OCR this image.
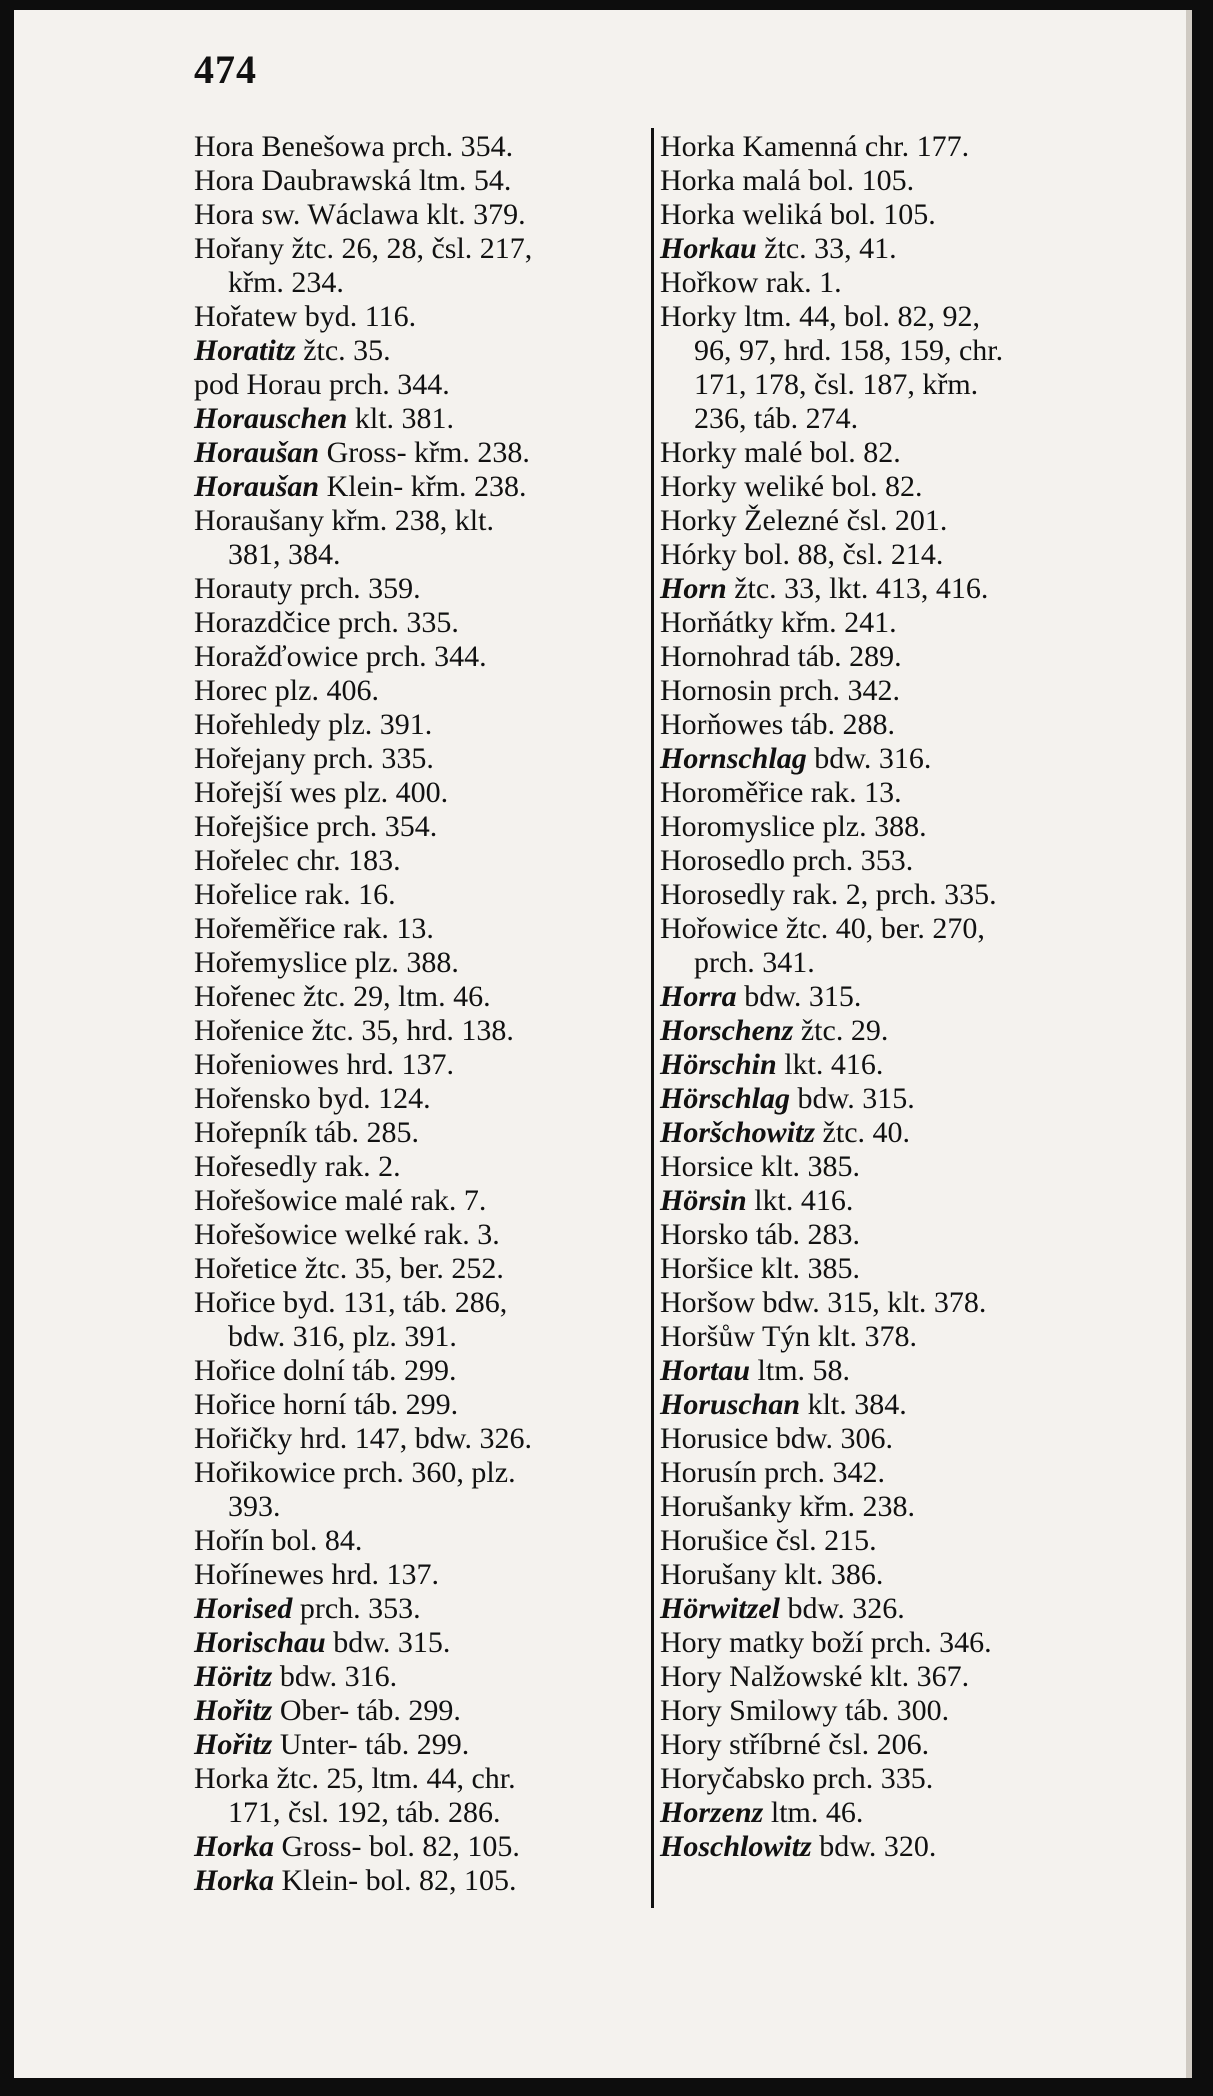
474
Hora Benešowa prch. 354.
Hora Daubrawská ltm. 54.
Hora sw. Wáclawa klt. 379.
Hořany žtc. 26, 28, čsl. 217,
křm. 234.
Hořatew byd. 116.
Horatitz žtc. 35.
pod Horau prch. 344.
Horauschen klt. 381.
Horaušan Gross- křm. 238.
Horaušan Klein- křm. 238.
Horaušany křm. 238, klt.
381, 384.
Horauty prch. 359.
Horazdčice prch. 335.
Horažďowice prch. 344.
Horec plz. 406.
Hořehledy plz. 391.
Hořejany prch. 335.
Hořejší wes plz. 400.
Hořejšice prch. 354.
Hořelec chr. 183.
Hořelice rak. 16.
Hořeměřice rak. 13.
Hořemyslice plz. 388.
Hořenec žtc. 29, ltm. 46.
Hořenice žtc. 35, hrd. 138.
Hořeniowes hrd. 137.
Hořensko byd. 124.
Hořepník táb. 285.
Hořesedly rak. 2.
Hořešowice malé rak. 7.
Hořešowice welké rak. 3.
Hořetice žtc. 35, ber. 252.
Hořice byd. 131, táb. 286,
bdw. 316, plz. 391.
Hořice dolní táb. 299.
Hořice horní táb. 299.
Hořičky hrd. 147, bdw. 326.
Hořikowice prch. 360, plz.
393.
Hořín bol. 84.
Hořínewes hrd. 137.
Horised prch. 353.
Horischau bdw. 315.
Höritz bdw. 316.
Hořitz Ober- táb. 299.
Hořitz Unter- táb. 299.
Horka žtc. 25, ltm. 44, chr.
171, čsl. 192, táb. 286.
Horka Gross- bol. 82, 105.
Horka Klein- bol. 82, 105.
Horka Kamenná chr. 177.
Horka malá bol. 105.
Horka weliká bol. 105.
Horkau žtc. 33, 41.
Hořkow rak. 1.
Horky ltm. 44, bol. 82, 92,
96, 97, hrd. 158, 159, chr.
171, 178, čsl. 187, křm.
236, táb. 274.
Horky malé bol. 82.
Horky weliké bol. 82.
Horky Železné čsl. 201.
Hórky bol. 88, čsl. 214.
Horn žtc. 33, lkt. 413, 416.
Horňátky křm. 241.
Hornohrad táb. 289.
Hornosin prch. 342.
Horňowes táb. 288.
Hornschlag bdw. 316.
Horoměřice rak. 13.
Horomyslice plz. 388.
Horosedlo prch. 353.
Horosedly rak. 2, prch. 335.
Hořowice žtc. 40, ber. 270,
prch. 341.
Horra bdw. 315.
Horschenz žtc. 29.
Hörschin lkt. 416.
Hörschlag bdw. 315.
Horšchowitz žtc. 40.
Horsice klt. 385.
Hörsin lkt. 416.
Horsko táb. 283.
Horšice klt. 385.
Horšow bdw. 315, klt. 378.
Horšůw Týn klt. 378.
Hortau ltm. 58.
Horuschan klt. 384.
Horusice bdw. 306.
Horusín prch. 342.
Horušanky křm. 238.
Horušice čsl. 215.
Horušany klt. 386.
Hörwitzel bdw. 326.
Hory matky boží prch. 346.
Hory Nalžowské klt. 367.
Hory Smilowy táb. 300.
Hory stříbrné čsl. 206.
Horyčabsko prch. 335.
Horzenz ltm. 46.
Hoschlowitz bdw. 320.
